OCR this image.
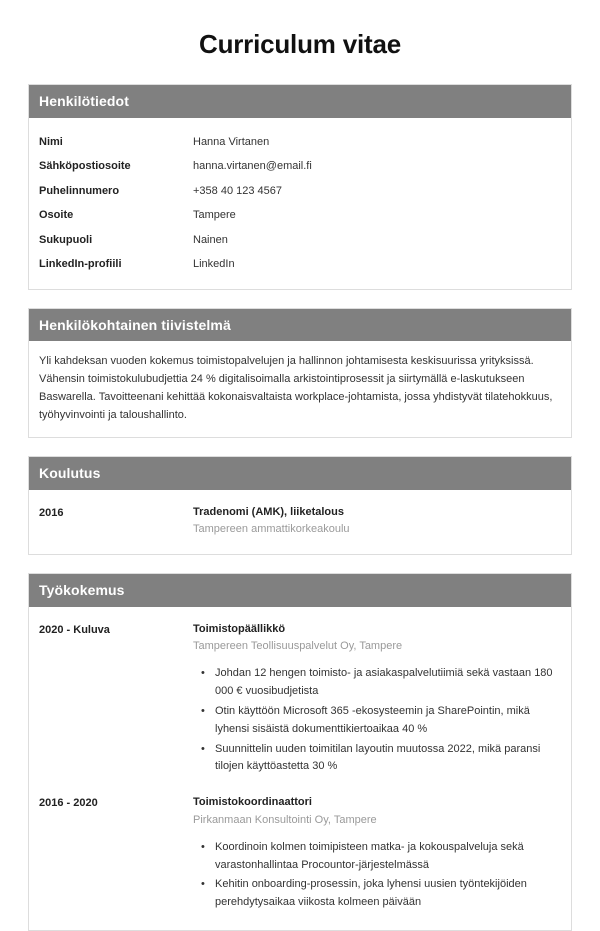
Curriculum vitae
Henkilötiedot
Nimi	Hanna Virtanen
Sähköpostiosoite	hanna.virtanen@email.fi
Puhelinnumero	+358 40 123 4567
Osoite	Tampere
Sukupuoli	Nainen
LinkedIn-profiili	LinkedIn
Henkilökohtainen tiivistelmä

Yli kahdeksan vuoden kokemus toimistopalvelujen ja hallinnon johtamisesta keskisuurissa yrityksissä. Vähensin toimistokulubudjettia 24 % digitalisoimalla arkistointiprosessit ja siirtymällä e-laskutukseen Baswarella. Tavoitteenani kehittää kokonaisvaltaista workplace-johtamista, jossa yhdistyvät tilatehokkuus, työhyvinvointi ja taloushallinto.

Koulutus
2016	Tradenomi (AMK), liiketalous
Tampereen ammattikorkeakoulu
Työkokemus
2020 - Kuluva	Toimistopäällikkö
Tampereen Teollisuuspalvelut Oy, Tampere
• Johdan 12 hengen toimisto- ja asiakaspalvelutiimiä sekä vastaan 180 000 € vuosibudjetista
• Otin käyttöön Microsoft 365 -ekosysteemin ja SharePointin, mikä lyhensi sisäistä dokumenttikiertoaikaa 40 %
• Suunnittelin uuden toimitilan layoutin muutossa 2022, mikä paransi tilojen käyttöastetta 30 %
2016 - 2020	Toimistokoordinaattori
Pirkanmaan Konsultointi Oy, Tampere
• Koordinoin kolmen toimipisteen matka- ja kokouspalveluja sekä varastonhallintaa Procountor-järjestelmässä
• Kehitin onboarding-prosessin, joka lyhensi uusien työntekijöiden perehdytysaikaa viikosta kolmeen päivään
